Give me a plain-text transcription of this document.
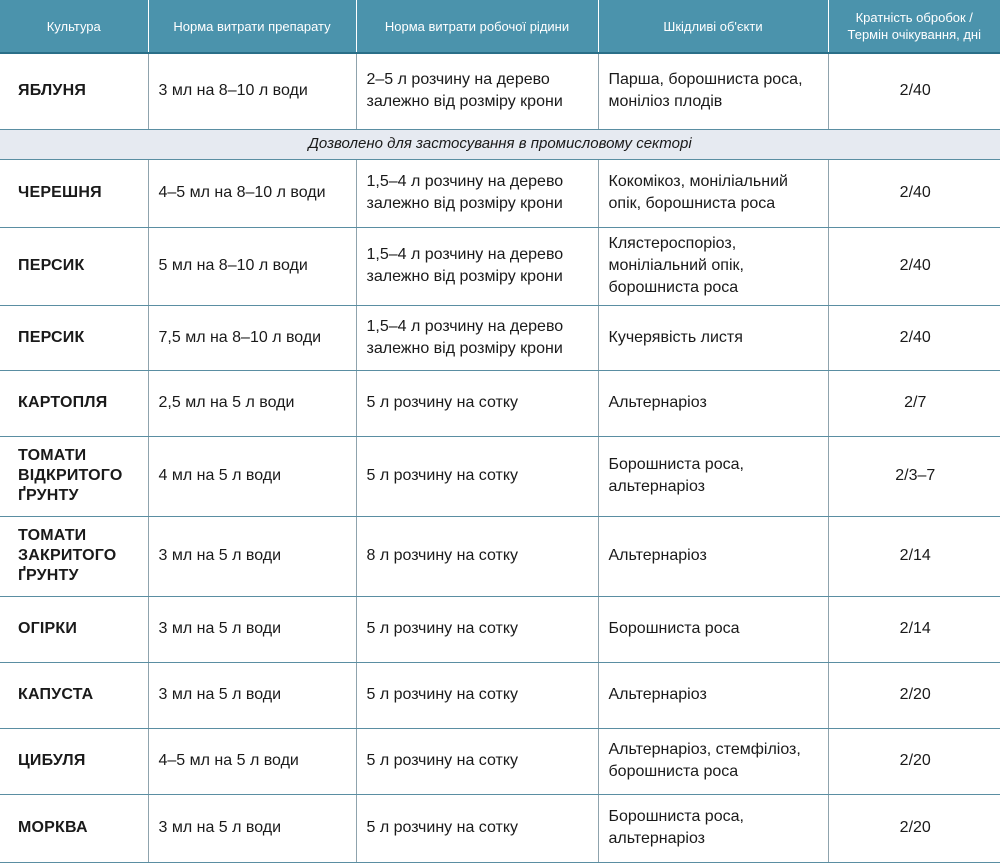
Культура	Норма витрати препарату	Норма витрати робочої рідини	Шкідливі об'єкти	Кратність обробок /
Термін очікування, дні
ЯБЛУНЯ	3 мл на 8–10 л води	2–5 л розчину на дерево залежно від розміру крони	Парша, борошниста роса, моніліоз плодів	2/40
Дозволено для застосування в промисловому секторі				
ЧЕРЕШНЯ	4–5 мл на 8–10 л води	1,5–4 л розчину на дерево залежно від розміру крони	Кокомікоз, моніліальний опік, борошниста роса	2/40
ПЕРСИК	5 мл на 8–10 л води	1,5–4 л розчину на дерево залежно від розміру крони	Клястероспоріоз, моніліальний опік, борошниста роса	2/40
ПЕРСИК	7,5 мл на 8–10 л води	1,5–4 л розчину на дерево залежно від розміру крони	Кучерявість листя	2/40
КАРТОПЛЯ	2,5 мл на 5 л води	5 л розчину на сотку	Альтернаріоз	2/7
ТОМАТИ ВІДКРИТОГО ҐРУНТУ	4 мл на 5 л води	5 л розчину на сотку	Борошниста роса, альтернаріоз	2/3–7
ТОМАТИ ЗАКРИТОГО ҐРУНТУ	3 мл на 5 л води	8 л розчину на сотку	Альтернаріоз	2/14
ОГІРКИ	3 мл на 5 л води	5 л розчину на сотку	Борошниста роса	2/14
КАПУСТА	3 мл на 5 л води	5 л розчину на сотку	Альтернаріоз	2/20
ЦИБУЛЯ	4–5 мл на 5 л води	5 л розчину на сотку	Альтернаріоз, стемфіліоз, борошниста роса	2/20
МОРКВА	3 мл на 5 л води	5 л розчину на сотку	Борошниста роса, альтернаріоз	2/20
